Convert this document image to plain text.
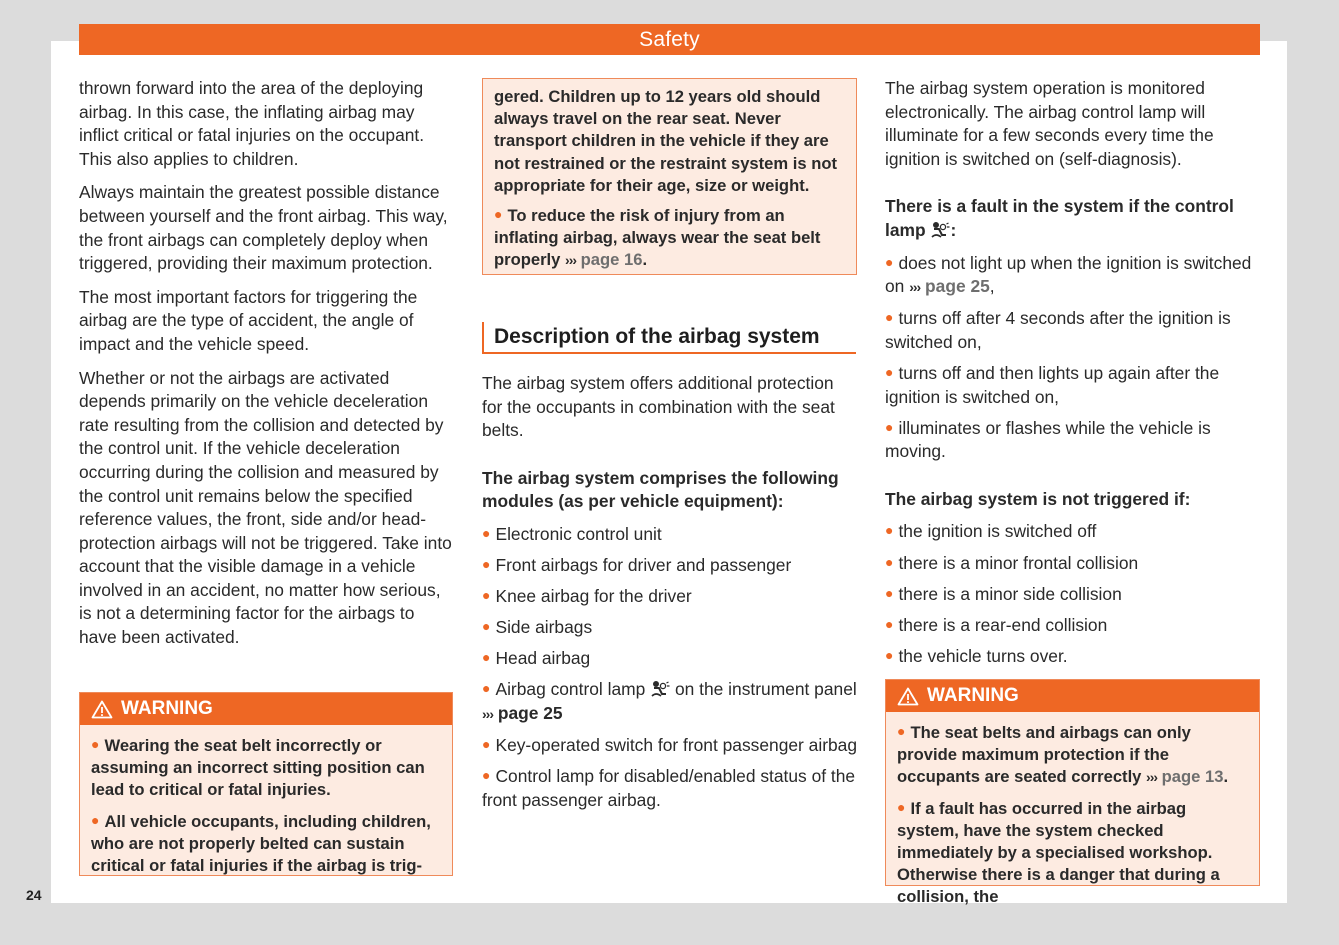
Safety

thrown forward into the area of the deploying airbag. In this case, the inflating airbag may inflict critical or fatal injuries on the occupant. This also applies to children.

Always maintain the greatest possible distance between yourself and the front airbag. This way, the front airbags can completely deploy when triggered, providing their maximum protection.

The most important factors for triggering the airbag are the type of accident, the angle of impact and the vehicle speed.

Whether or not the airbags are activated depends primarily on the vehicle deceleration rate resulting from the collision and detected by the control unit. If the vehicle deceleration occurring during the collision and measured by the control unit remains below the specified reference values, the front, side and/or head-protection airbags will not be triggered. Take into account that the visible damage in a vehicle involved in an accident, no matter how serious, is not a determining factor for the airbags to have been activated.

WARNING
● Wearing the seat belt incorrectly or assuming an incorrect sitting position can lead to critical or fatal injuries.
● All vehicle occupants, including children, who are not properly belted can sustain critical or fatal injuries if the airbag is trig-

gered. Children up to 12 years old should always travel on the rear seat. Never transport children in the vehicle if they are not restrained or the restraint system is not appropriate for their age, size or weight.

● To reduce the risk of injury from an inflating airbag, always wear the seat belt properly ››› page 16.
Description of the airbag system

The airbag system offers additional protection for the occupants in combination with the seat belts.

The airbag system comprises the following modules (as per vehicle equipment):

● Electronic control unit
● Front airbags for driver and passenger
● Knee airbag for the driver
● Side airbags
● Head airbag
● Airbag control lamp on the instrument panel ››› page 25
● Key-operated switch for front passenger airbag
● Control lamp for disabled/enabled status of the front passenger airbag.

The airbag system operation is monitored electronically. The airbag control lamp will illuminate for a few seconds every time the ignition is switched on (self-diagnosis).

There is a fault in the system if the control lamp :

● does not light up when the ignition is switched on ››› page 25,
● turns off after 4 seconds after the ignition is switched on,
● turns off and then lights up again after the ignition is switched on,
● illuminates or flashes while the vehicle is moving.

The airbag system is not triggered if:

● the ignition is switched off
● there is a minor frontal collision
● there is a minor side collision
● there is a rear-end collision
● the vehicle turns over.
WARNING
● The seat belts and airbags can only provide maximum protection if the occupants are seated correctly ››› page 13.
● If a fault has occurred in the airbag system, have the system checked immediately by a specialised workshop. Otherwise there is a danger that during a collision, the
24
